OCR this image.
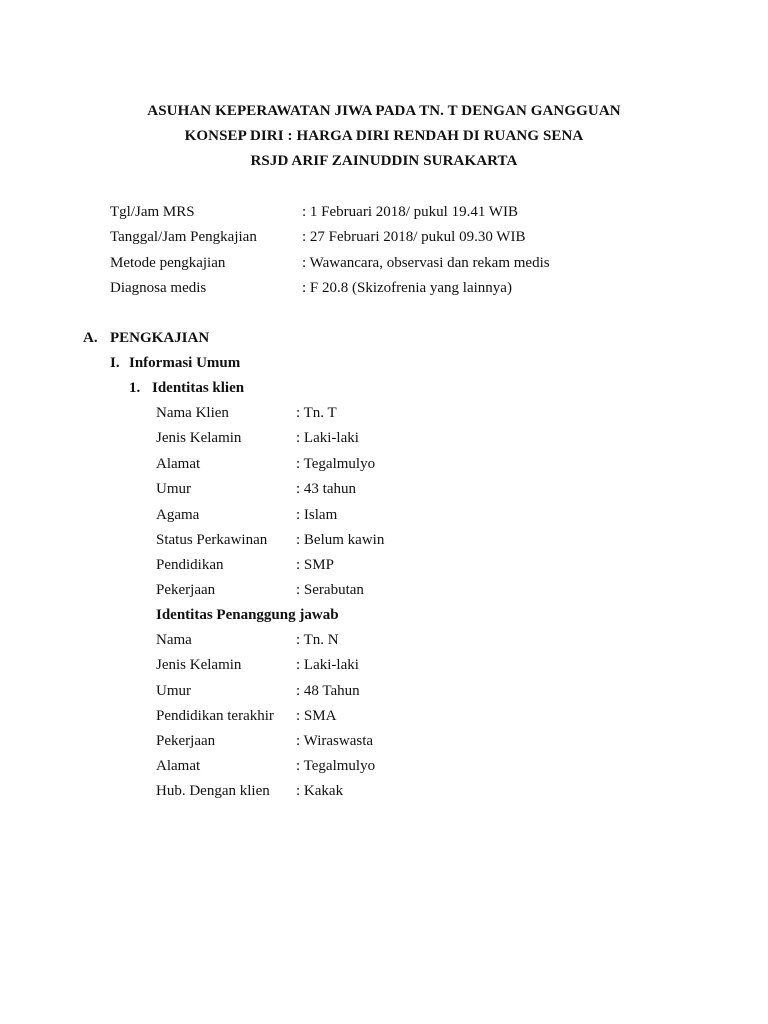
ASUHAN KEPERAWATAN JIWA PADA TN. T DENGAN GANGGUAN
KONSEP DIRI : HARGA DIRI RENDAH DI RUANG SENA
RSJD ARIF ZAINUDDIN SURAKARTA
Tgl/Jam MRS	: 1 Februari 2018/ pukul 19.41 WIB
Tanggal/Jam Pengkajian	: 27 Februari 2018/ pukul 09.30 WIB
Metode pengkajian	: Wawancara, observasi dan rekam medis
Diagnosa medis	: F 20.8 (Skizofrenia yang lainnya)
A. PENGKAJIAN
I. Informasi Umum
1. Identitas klien
Nama Klien	: Tn. T
Jenis Kelamin	: Laki-laki
Alamat	: Tegalmulyo
Umur	: 43 tahun
Agama	: Islam
Status Perkawinan : Belum kawin
Pendidikan	: SMP
Pekerjaan	: Serabutan
Identitas Penanggung jawab
Nama	: Tn. N
Jenis Kelamin	: Laki-laki
Umur	: 48 Tahun
Pendidikan terakhir : SMA
Pekerjaan	: Wiraswasta
Alamat	: Tegalmulyo
Hub. Dengan klien : Kakak
